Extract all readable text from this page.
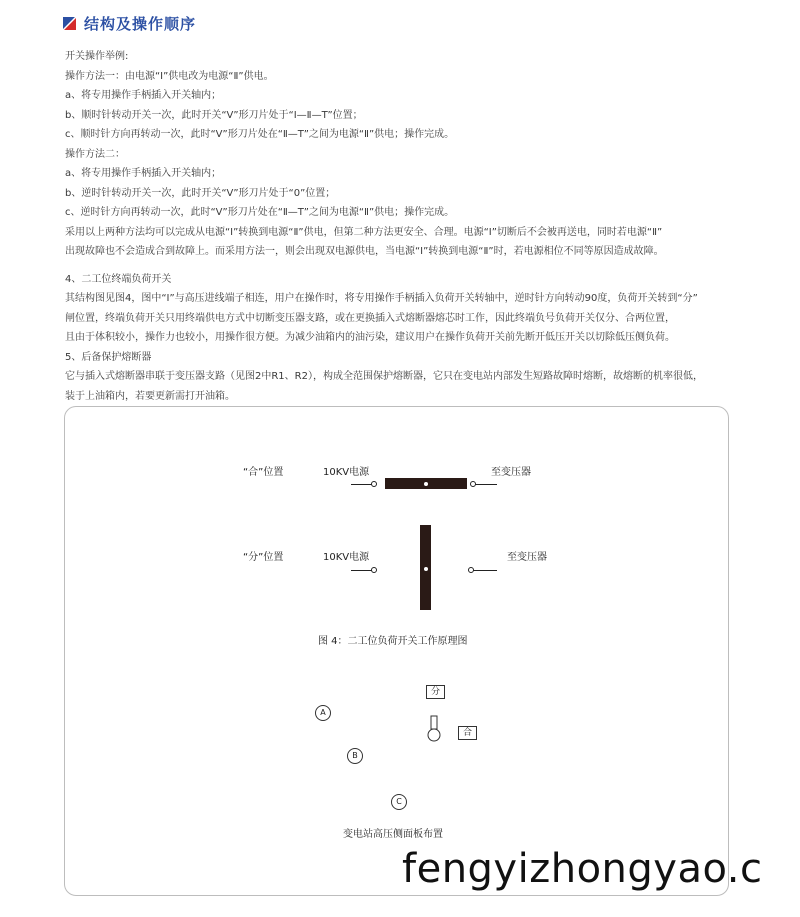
结构及操作顺序

开关操作举例:

操作方法一：由电源“Ⅰ”供电改为电源“Ⅱ”供电。

a、将专用操作手柄插入开关轴内；

b、顺时针转动开关一次，此时开关“V”形刀片处于“Ⅰ—Ⅱ—T”位置；

c、顺时针方向再转动一次，此时“V”形刀片处在“Ⅱ—T”之间为电源“Ⅱ”供电；操作完成。

操作方法二：

a、将专用操作手柄插入开关轴内；

b、逆时针转动开关一次，此时开关“V”形刀片处于“0”位置；

c、逆时针方向再转动一次，此时“V”形刀片处在“Ⅱ—T”之间为电源“Ⅱ”供电；操作完成。

采用以上两种方法均可以完成从电源“Ⅰ”转换到电源“Ⅱ”供电，但第二种方法更安全、合理。电源“Ⅰ”切断后不会被再送电，同时若电源“Ⅱ”

出现故障也不会造成合到故障上。而采用方法一，则会出现双电源供电，当电源“Ⅰ”转换到电源“Ⅱ”时，若电源相位不同等原因造成故障。

4、二工位终端负荷开关

其结构图见图4，图中“Ⅰ”与高压进线端子相连，用户在操作时，将专用操作手柄插入负荷开关转轴中，逆时针方向转动90度，负荷开关转到“分”

闸位置，终端负荷开关只用终端供电方式中切断变压器支路，或在更换插入式熔断器熔芯时工作，因此终端负号负荷开关仅分、合两位置，

且由于体积较小，操作力也较小，用操作很方便。为减少油箱内的油污染，建议用户在操作负荷开关前先断开低压开关以切除低压侧负荷。

5、后备保护熔断器

它与插入式熔断器串联于变压器支路（见图2中R1、R2），构成全范围保护熔断器，它只在变电站内部发生短路故障时熔断，故熔断的机率很低，

装于上油箱内，若要更新需打开油箱。

“合”位置	10KV电源	至变压器
“分”位置	10KV电源	至变压器
图 4：二工位负荷开关工作原理图
分
合
A
B
C
变电站高压侧面板布置
fengyizhongyao.c
